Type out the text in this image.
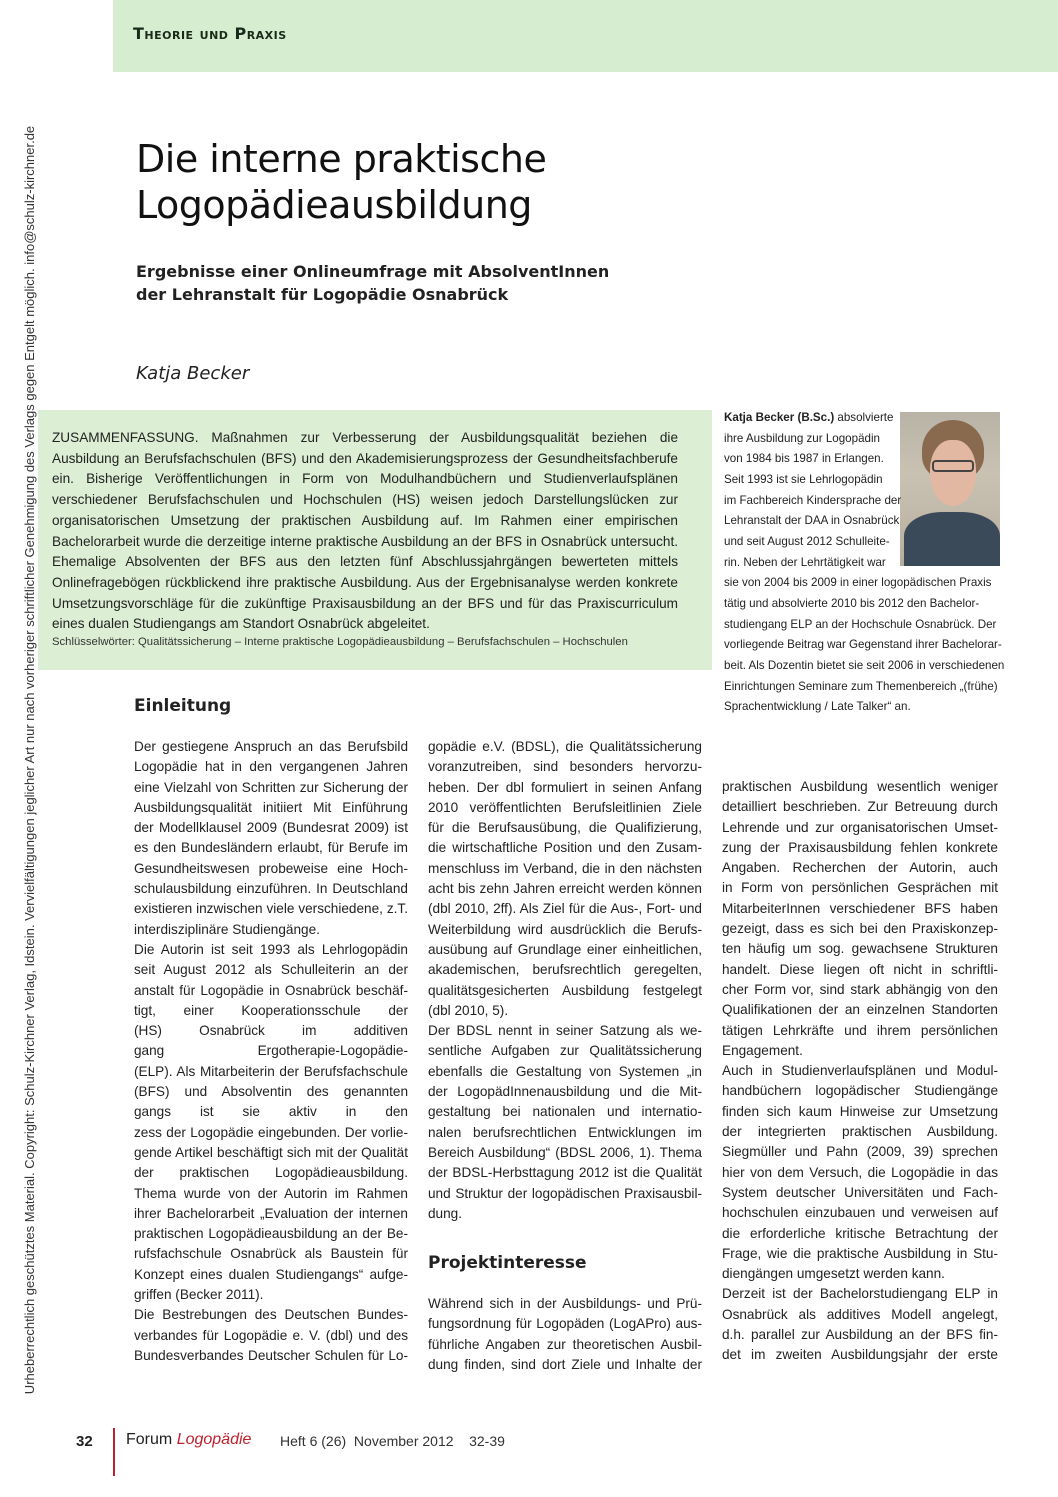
Theorie und Praxis
Urheberrechtlich geschütztes Material. Copyright: Schulz-Kirchner Verlag, Idstein. Vervielfältigungen jeglicher Art nur nach vorheriger schriftlicher Genehmigung des Verlags gegen Entgelt möglich. info@schulz-kirchner.de	Die interne praktische
Logopädieausbildung

Ergebnisse einer Onlineumfrage mit AbsolventInnen
der Lehranstalt für Logopädie Osnabrück

Katja Becker

ZUSAMMENFASSUNG. Maßnahmen zur Verbesserung der Ausbildungsqualität beziehen die Ausbildung an Berufsfachschulen (BFS) und den Akademisierungsprozess der Gesundheitsfachberufe ein. Bisherige Veröffentlichungen in Form von Modulhandbüchern und Studienverlaufsplänen verschiedener Berufsfachschulen und Hochschulen (HS) weisen jedoch Darstellungslücken zur organisatorischen Umsetzung der praktischen Ausbildung auf. Im Rahmen einer empirischen Bachelorarbeit wurde die derzeitige interne praktische Ausbildung an der BFS in Osnabrück untersucht. Ehemalige Absolventen der BFS aus den letzten fünf Abschlussjahrgängen bewerteten mittels Onlinefragebögen rückblickend ihre praktische Ausbildung. Aus der Ergebnisanalyse werden konkrete Umsetzungsvorschläge für die zukünftige Praxisausbildung an der BFS und für das Praxiscurriculum eines dualen Studiengangs am Standort Osnabrück abgeleitet.

Schlüsselwörter: Qualitätssicherung – Interne praktische Logopädieausbildung – Berufsfachschulen – Hochschulen
Katja Becker (B.Sc.) absolvierte
ihre Ausbildung zur Logopädin
von 1984 bis 1987 in Erlangen.
Seit 1993 ist sie Lehrlogopädin
im Fachbereich Kindersprache der
Lehranstalt der DAA in Osnabrück
und seit August 2012 Schulleite-
rin. Neben der Lehrtätigkeit war
sie von 2004 bis 2009 in einer logopädischen Praxis
tätig und absolvierte 2010 bis 2012 den Bachelor-
studiengang ELP an der Hochschule Osnabrück. Der
vorliegende Beitrag war Gegenstand ihrer Bachelorar-
beit. Als Dozentin bietet sie seit 2006 in verschiedenen
Einrichtungen Seminare zum Themenbereich „(frühe)
Sprachentwicklung / Late Talker“ an.
Einleitung
Der gestiegene Anspruch an das Berufsbild
Logopädie hat in den vergangenen Jahren
eine Vielzahl von Schritten zur Sicherung der
Ausbildungsqualität initiiert Mit Einführung
der Modellklausel 2009 (Bundesrat 2009) ist
es den Bundesländern erlaubt, für Berufe im
Gesundheitswesen probeweise eine Hoch-
schulausbildung einzuführen. In Deutschland
existieren inzwischen viele verschiedene, z.T.
interdisziplinäre Studiengänge.
Die Autorin ist seit 1993 als Lehrlogopädin
seit August 2012 als Schulleiterin an der
anstalt für Logopädie in Osnabrück beschäf-
tigt, einer Kooperationsschule der
(HS) Osnabrück im additiven
gang Ergotherapie-Logopädie-
(ELP). Als Mitarbeiterin der Berufsfachschule
(BFS) und Absolventin des genannten
gangs ist sie aktiv in den
zess der Logopädie eingebunden. Der vorlie-
gende Artikel beschäftigt sich mit der Qualität
der praktischen Logopädieausbildung.
Thema wurde von der Autorin im Rahmen
ihrer Bachelorarbeit „Evaluation der internen
praktischen Logopädieausbildung an der Be-
rufsfachschule Osnabrück als Baustein für
Konzept eines dualen Studiengangs“ aufge-
griffen (Becker 2011).
Die Bestrebungen des Deutschen Bundes-
verbandes für Logopädie e. V. (dbl) und des
Bundesverbandes Deutscher Schulen für Lo-
gopädie e.V. (BDSL), die Qualitätssicherung
voranzutreiben, sind besonders hervorzu-
heben. Der dbl formuliert in seinen Anfang
2010 veröffentlichten Berufsleitlinien Ziele
für die Berufsausübung, die Qualifizierung,
die wirtschaftliche Position und den Zusam-
menschluss im Verband, die in den nächsten
acht bis zehn Jahren erreicht werden können
(dbl 2010, 2ff). Als Ziel für die Aus-, Fort- und
Weiterbildung wird ausdrücklich die Berufs-
ausübung auf Grundlage einer einheitlichen,
akademischen, berufsrechtlich geregelten,
qualitätsgesicherten Ausbildung festgelegt
(dbl 2010, 5).
Der BDSL nennt in seiner Satzung als we-
sentliche Aufgaben zur Qualitätssicherung
ebenfalls die Gestaltung von Systemen „in
der LogopädInnenausbildung und die Mit-
gestaltung bei nationalen und internatio-
nalen berufsrechtlichen Entwicklungen im
Bereich Ausbildung“ (BDSL 2006, 1). Thema
der BDSL-Herbsttagung 2012 ist die Qualität
und Struktur der logopädischen Praxisausbil-
dung.
Projektinteresse
Während sich in der Ausbildungs- und Prü-
fungsordnung für Logopäden (LogAPro) aus-
führliche Angaben zur theoretischen Ausbil-
dung finden, sind dort Ziele und Inhalte der
praktischen Ausbildung wesentlich weniger
detailliert beschrieben. Zur Betreuung durch
Lehrende und zur organisatorischen Umset-
zung der Praxisausbildung fehlen konkrete
Angaben. Recherchen der Autorin, auch
in Form von persönlichen Gesprächen mit
MitarbeiterInnen verschiedener BFS haben
gezeigt, dass es sich bei den Praxiskonzep-
ten häufig um sog. gewachsene Strukturen
handelt. Diese liegen oft nicht in schriftli-
cher Form vor, sind stark abhängig von den
Qualifikationen der an einzelnen Standorten
tätigen Lehrkräfte und ihrem persönlichen
Engagement.
Auch in Studienverlaufsplänen und Modul-
handbüchern logopädischer Studiengänge
finden sich kaum Hinweise zur Umsetzung
der integrierten praktischen Ausbildung.
Siegmüller und Pahn (2009, 39) sprechen
hier von dem Versuch, die Logopädie in das
System deutscher Universitäten und Fach-
hochschulen einzubauen und verweisen auf
die erforderliche kritische Betrachtung der
Frage, wie die praktische Ausbildung in Stu-
diengängen umgesetzt werden kann.
Derzeit ist der Bachelorstudiengang ELP in
Osnabrück als additives Modell angelegt,
d.h. parallel zur Ausbildung an der BFS fin-
det im zweiten Ausbildungsjahr der erste
32 Forum Logopädie Heft 6 (26)  November 2012    32-39
